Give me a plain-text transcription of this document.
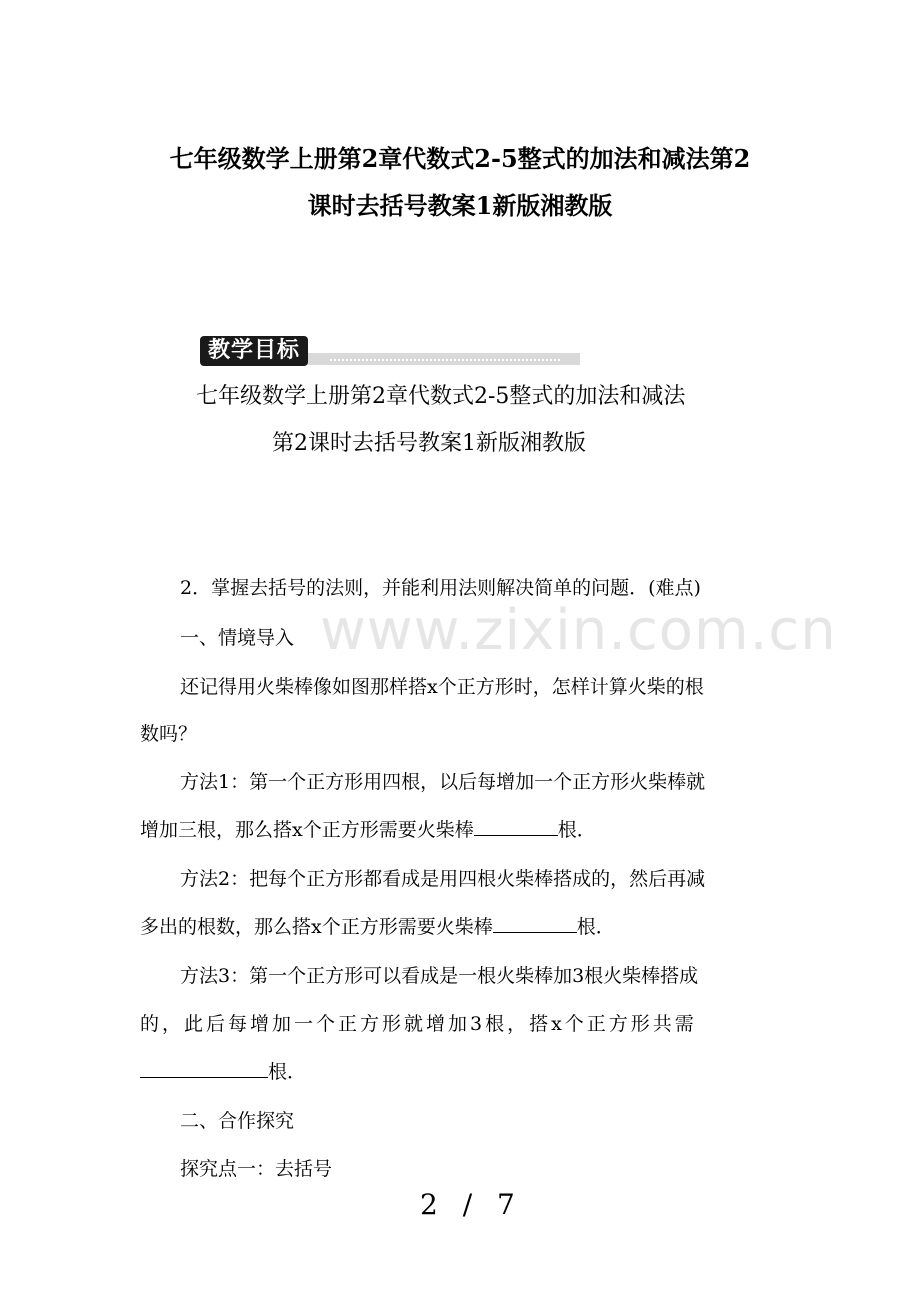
www.zixin.com.cn
七年级数学上册第2章代数式2-5整式的加法和减法第2
课时去括号教案1新版湘教版
教学目标
七年级数学上册第2章代数式2-5整式的加法和减法
第2课时去括号教案1新版湘教版
2．掌握去括号的法则，并能利用法则解决简单的问题．(难点)
一、情境导入
还记得用火柴棒像如图那样搭x个正方形时，怎样计算火柴的根
数吗？
方法1：第一个正方形用四根，以后每增加一个正方形火柴棒就
增加三根，那么搭x个正方形需要火柴棒	根．
方法2：把每个正方形都看成是用四根火柴棒搭成的，然后再减
多出的根数，那么搭x个正方形需要火柴棒	根．
方法3：第一个正方形可以看成是一根火柴棒加3根火柴棒搭成
的，此后每增加一个正方形就增加3根，搭x个正方形共需
根．
二、合作探究
探究点一：去括号
2 / 7
